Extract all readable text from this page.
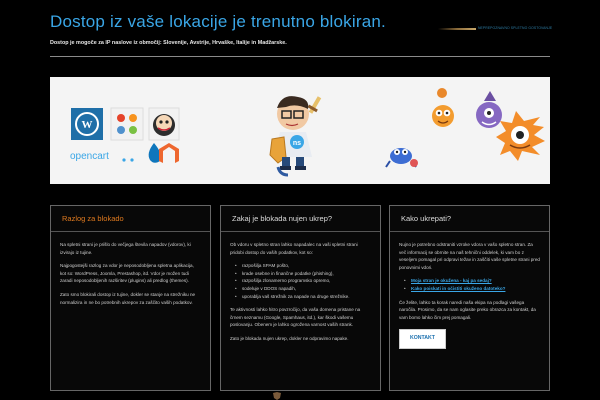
Dostop iz vaše lokacije je trenutno blokiran.
Dostop je mogoče za IP naslove iz območij: Slovenije, Avstrije, Hrvaške, Italije in Madžarske.
NEPREPOZNAVNO SPLETNO GOSTOVANJE
W
opencart
ns
Razlog za blokado

Na spletni strani je prišlo do večjega števila napadov (vdorov), ki izvirajo iz tujine.

Najpogostejši razlog za vdor je neposodobljena spletna aplikacija, kot so: WordPress, Joomla, Prestashop, itd. Vdor je možen tudi zaradi neposodobljenih razširitev (plugins) ali predlog (themes).

Zato smo blokirali dostop iz tujine, dokler se stanje na strežniku ne normalizira in ne bo potrebnih ukrepov za zaščito vaših podatkov.

Zakaj je blokada nujen ukrep?

Ob vdoru v spletno stran lahko napadalec na vaši spletni strani pridobi dostop do vaših podatkov, kot so:

• razpošilja SPAM pošto,
• krade osebne in finančne podatke (phishing),
• razpošilja zlonamerno programsko opremo,
• sodeluje v DDOS napadih,
• uporablja vaš strežnik za napade na druge strežnike.

Te aktivnosti lahko hitro povzročijo, da vaša domena pristane na črnem seznamu (Google, Spamhaus, itd.), kar škodi vašemu poslovanju. Obenem je lahko ogrožena varnost vaših strank.

Zato je blokada nujen ukrep, dokler ne odpravimo napake.

Kako ukrepati?

Nujno je potrebno odstraniti vzroke vdora v vašo spletno stran. Za več informacij se obrnite na naš tehnični oddelek, ki vam bo z veseljem pomagal pri odpravi težav in zaščiti vaše spletne strani pred ponovnimi vdori.

• Moja stran je okužena - kaj pa sedaj?
• Kako poiskati in očistiti okuženo datoteko?

Če želite, lahko ta korak naredi naša ekipa na podlagi vašega naročila. Prosimo, da se nam oglasite preko obrazca za kontakt, da vam bomo lahko čim prej pomagali.

KONTAKT
